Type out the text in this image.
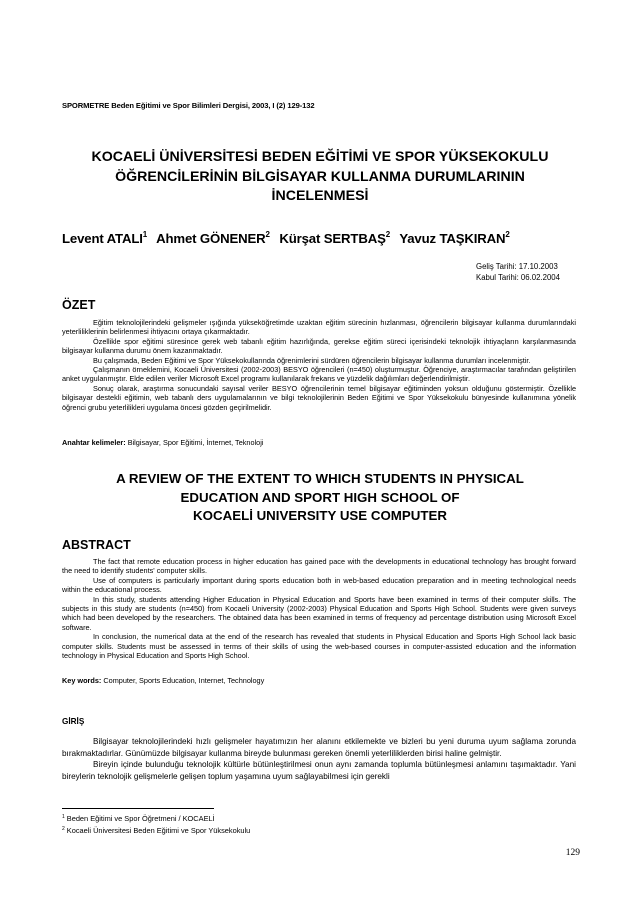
SPORMETRE Beden Eğitimi ve Spor Bilimleri Dergisi, 2003, I (2) 129-132
KOCAELİ ÜNİVERSİTESİ BEDEN EĞİTİMİ VE SPOR YÜKSEKOKULU
ÖĞRENCİLERİNİN BİLGİSAYAR KULLANMA DURUMLARININ
İNCELENMESİ
Levent ATALI$^1$ Ahmet GÖNENER$^2$ Kürşat SERTBAŞ$^2$ Yavuz TAŞKIRAN$^2$
Geliş Tarihi: 17.10.2003
Kabul Tarihi: 06.02.2004
ÖZET

Eğitim teknolojilerindeki gelişmeler ışığında yükseköğretimde uzaktan eğitim sürecinin hızlanması, öğrencilerin bilgisayar kullanma durumlarındaki yeterliliklerinin belirlenmesi ihtiyacını ortaya çıkarmaktadır.

Özellikle spor eğitimi süresince gerek web tabanlı eğitim hazırlığında, gerekse eğitim süreci içerisindeki teknolojik ihtiyaçların karşılanmasında bilgisayar kullanma durumu önem kazanmaktadır.

Bu çalışmada, Beden Eğitimi ve Spor Yüksekokullarında öğrenimlerini sürdüren öğrencilerin bilgisayar kullanma durumları incelenmiştir.

Çalışmanın örneklemini, Kocaeli Üniversitesi (2002-2003) BESYO öğrencileri (n=450) oluşturmuştur. Öğrenciye, araştırmacılar tarafından geliştirilen anket uygulanmıştır. Elde edilen veriler Microsoft Excel programı kullanılarak frekans ve yüzdelik dağılımları değerlendirilmiştir.

Sonuç olarak, araştırma sonucundaki sayısal veriler BESYO öğrencilerinin temel bilgisayar eğitiminden yoksun olduğunu göstermiştir. Özellikle bilgisayar destekli eğitimin, web tabanlı ders uygulamalarının ve bilgi teknolojilerinin Beden Eğitimi ve Spor Yüksekokulu bünyesinde kullanımına yönelik öğrenci grubu yeterlilikleri uygulama öncesi gözden geçirilmelidir.

Anahtar kelimeler: Bilgisayar, Spor Eğitimi, İnternet, Teknoloji
A REVIEW OF THE EXTENT TO WHICH STUDENTS IN PHYSICAL
EDUCATION AND SPORT HIGH SCHOOL OF
KOCAELİ UNIVERSITY USE COMPUTER
ABSTRACT

The fact that remote education process in higher education has gained pace with the developments in educational technology has brought forward the need to identify students' computer skills.

Use of computers is particularly important during sports education both in web-based education preparation and in meeting technological needs within the educational process.

In this study, students attending Higher Education in Physical Education and Sports have been examined in terms of their computer skills. The subjects in this study are students (n=450) from Kocaeli University (2002-2003) Physical Education and Sports High School. Students were given surveys which had been developed by the researchers. The obtained data has been examined in terms of frequency ad percentage distribution using Microsoft Excel software.

In conclusion, the numerical data at the end of the research has revealed that students in Physical Education and Sports High School lack basic computer skills. Students must be assessed in terms of their skills of using the web-based courses in computer-assisted education and the information technology in Physical Education and Sports High School.

Key words: Computer, Sports Education, Internet, Technology
GİRİŞ

Bilgisayar teknolojilerindeki hızlı gelişmeler hayatımızın her alanını etkilemekte ve bizleri bu yeni duruma uyum sağlama zorunda bırakmaktadırlar. Günümüzde bilgisayar kullanma bireyde bulunması gereken önemli yeterliliklerden birisi haline gelmiştir.

Bireyin içinde bulunduğu teknolojik kültürle bütünleştirilmesi onun aynı zamanda toplumla bütünleşmesi anlamını taşımaktadır. Yani bireylerin teknolojik gelişmelerle gelişen toplum yaşamına uyum sağlayabilmesi için gerekli

$^1$ Beden Eğitimi ve Spor Öğretmeni / KOCAELİ
$^2$ Kocaeli Üniversitesi Beden Eğitimi ve Spor Yüksekokulu
129
